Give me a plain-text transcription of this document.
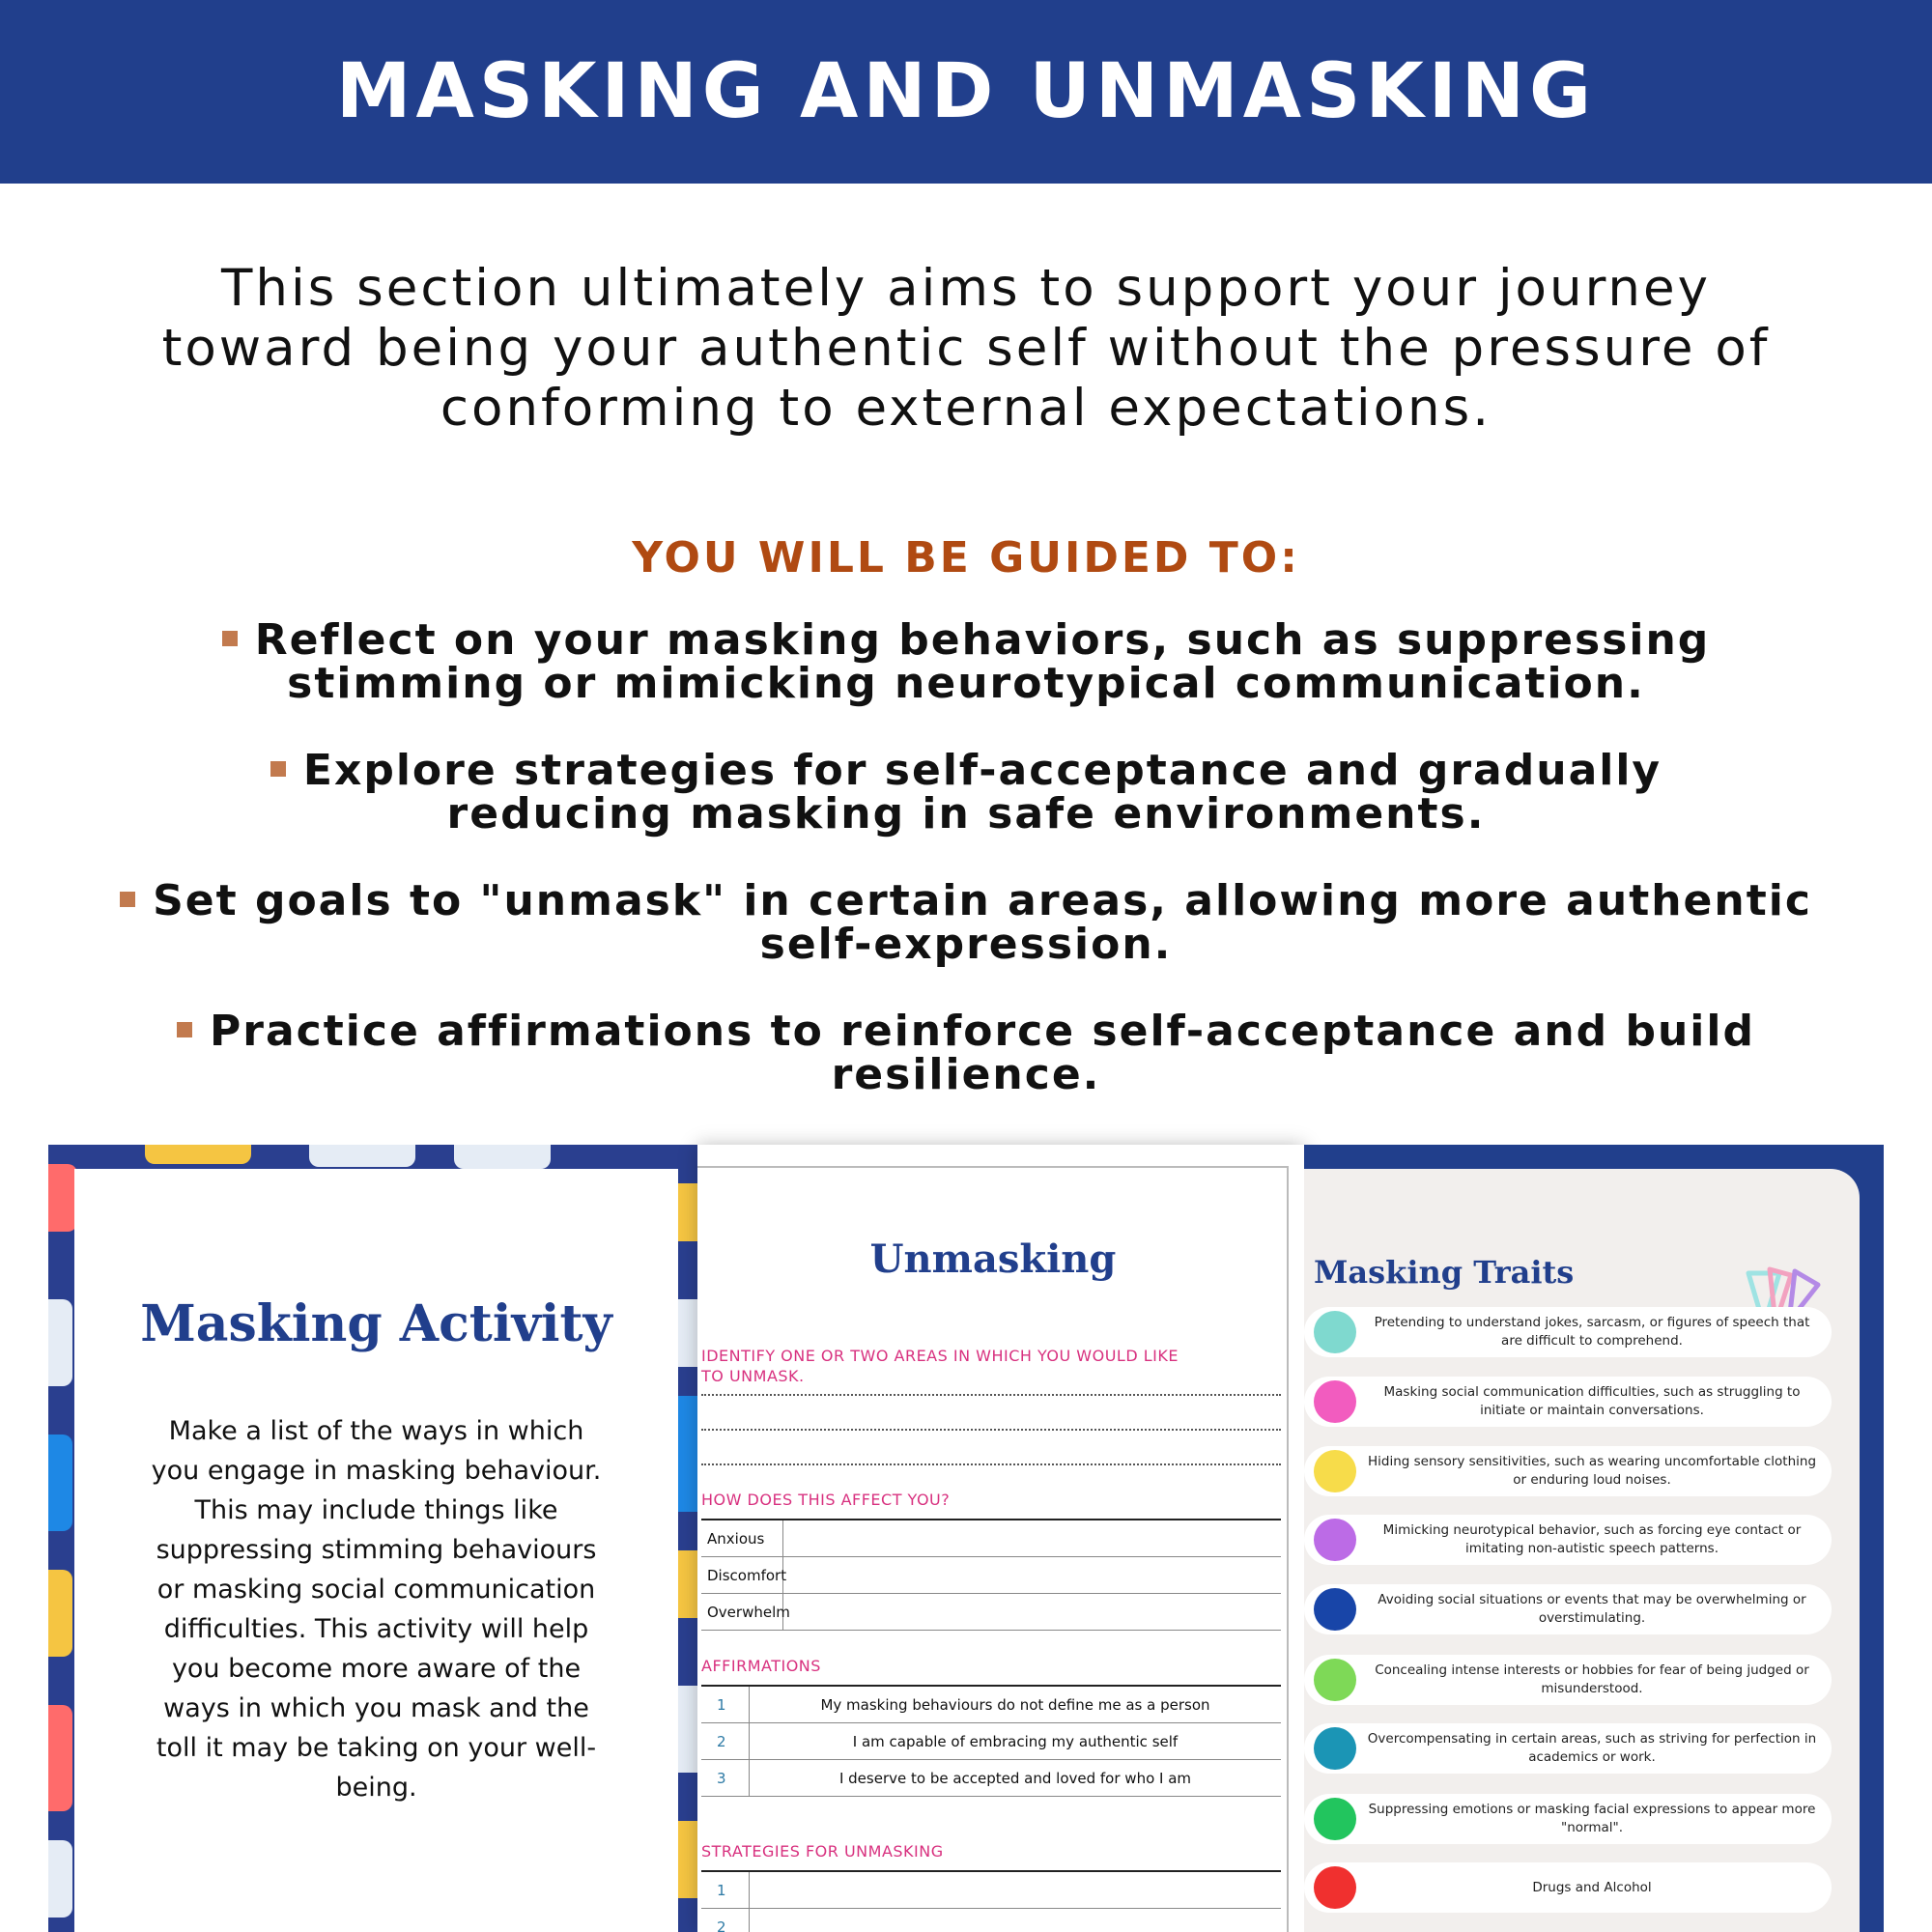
MASKING AND UNMASKING

This section ultimately aims to support your journey toward being your authentic self without the pressure of conforming to external expectations.

YOU WILL BE GUIDED TO:
Reflect on your masking behaviors, such as suppressing
stimming or mimicking neurotypical communication.
Explore strategies for self-acceptance and gradually
reducing masking in safe environments.
Set goals to "unmask" in certain areas, allowing more authentic
self-expression.
Practice affirmations to reinforce self-acceptance and build resilience.
Masking Activity

Make a list of the ways in which you engage in masking behaviour. This may include things like suppressing stimming behaviours or masking social communication difficulties. This activity will help you become more aware of the ways in which you mask and the toll it may be taking on your well-being.

Unmasking
IDENTIFY ONE OR TWO AREAS IN WHICH YOU WOULD LIKE TO UNMASK.
HOW DOES THIS AFFECT YOU?
Anxious
Discomfort
Overwhelm
AFFIRMATIONS
1	My masking behaviours do not define me as a person
2	I am capable of embracing my authentic self
3	I deserve to be accepted and loved for who I am
STRATEGIES FOR UNMASKING
1
2
Masking Traits
Pretending to understand jokes, sarcasm, or figures of speech that are difficult to comprehend.
Masking social communication difficulties, such as struggling to initiate or maintain conversations.
Hiding sensory sensitivities, such as wearing uncomfortable clothing or enduring loud noises.
Mimicking neurotypical behavior, such as forcing eye contact or imitating non-autistic speech patterns.
Avoiding social situations or events that may be overwhelming or overstimulating.
Concealing intense interests or hobbies for fear of being judged or misunderstood.
Overcompensating in certain areas, such as striving for perfection in academics or work.
Suppressing emotions or masking facial expressions to appear more "normal".
Drugs and Alcohol
